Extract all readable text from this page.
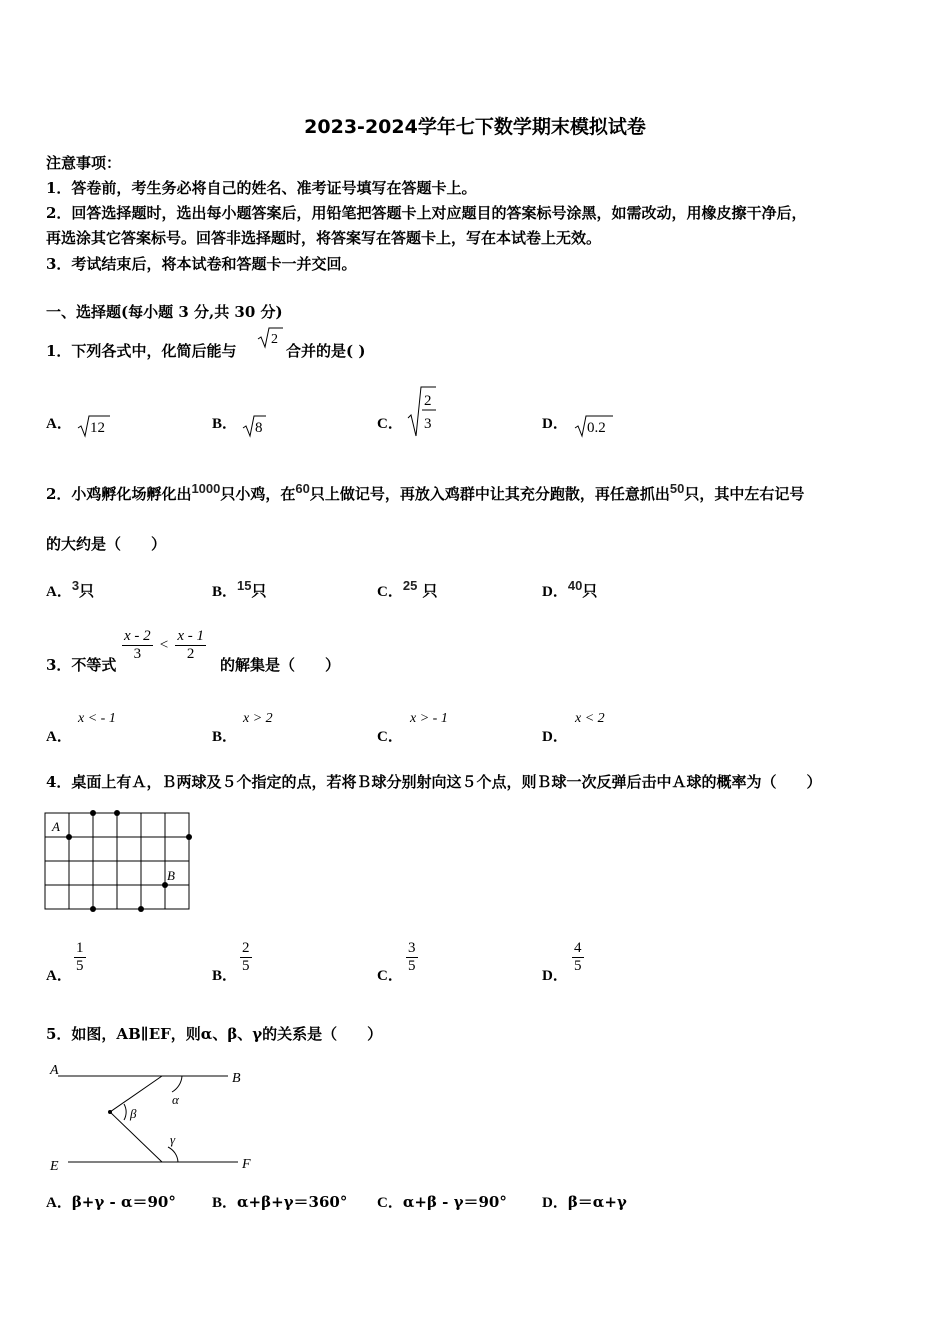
2023-2024学年七下数学期末模拟试卷
注意事项：
1．答卷前，考生务必将自己的姓名、准考证号填写在答题卡上。
2．回答选择题时，选出每小题答案后，用铅笔把答题卡上对应题目的答案标号涂黑，如需改动，用橡皮擦干净后，
再选涂其它答案标号。回答非选择题时，将答案写在答题卡上，写在本试卷上无效。
3．考试结束后，将本试卷和答题卡一并交回。
一、选择题(每小题 3 分,共 30 分)
1．下列各式中，化简后能与
2
合并的是( )
A． 12	B． 8	C．
2
3	D． 0.2
2．小鸡孵化场孵化出1000只小鸡，在60只上做记号，再放入鸡群中让其充分跑散，再任意抓出50只，其中左右记号
的大约是（　　）
A．3只	B．15只	C．25 只	D．40只
3．不等式
$\frac{x - 2}{3} < \frac{x - 1}{2}$
的解集是（　　）
A．
x < - 1
B．
x > 2
C．
x > - 1
D．
x < 2
4．桌面上有Ａ，Ｂ两球及５个指定的点，若将Ｂ球分别射向这５个点，则Ｂ球一次反弹后击中Ａ球的概率为（　　）
A
B
A．
$\frac{1}{5}$
B．
$\frac{2}{5}$
C．
$\frac{3}{5}$
D．
$\frac{4}{5}$
5．如图，AB∥EF，则α、β、γ的关系是（　　）
A
B
E	F
α
β
γ
A．β+γ - α＝90° B．α+β+γ＝360° C．α+β - γ＝90° D．β＝α+γ
